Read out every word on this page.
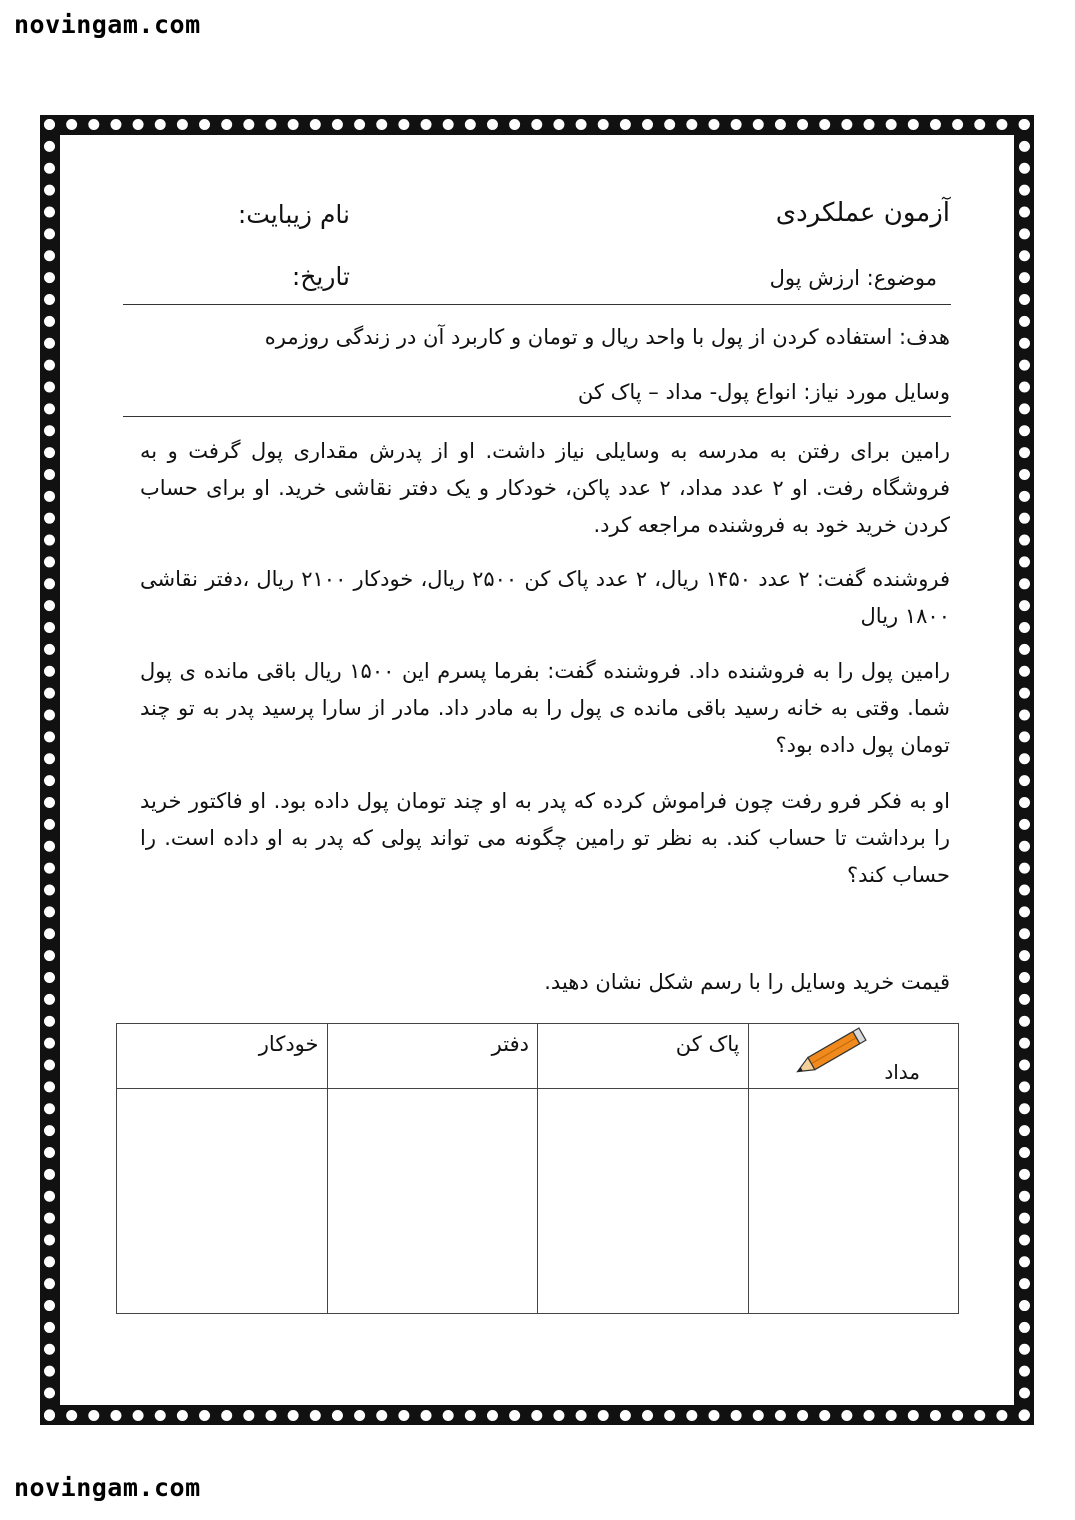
novingam.com
آزمون عملکردی
نام زیبایت:
موضوع: ارزش پول
تاریخ:
هدف: استفاده کردن از پول با واحد ریال و تومان و کاربرد آن در زندگی روزمره
وسایل مورد نیاز: انواع پول- مداد – پاک کن
رامین برای رفتن به مدرسه به وسایلی نیاز داشت. او از پدرش مقداری پول گرفت و به فروشگاه رفت. او ۲ عدد مداد، ۲ عدد پاکن، خودکار و یک دفتر نقاشی خرید. او برای حساب کردن خرید خود به فروشنده مراجعه کرد.
فروشنده گفت: ۲ عدد ۱۴۵۰ ریال، ۲ عدد پاک کن ۲۵۰۰ ریال، خودکار ۲۱۰۰ ریال ،دفتر نقاشی ۱۸۰۰ ریال
رامین پول را به فروشنده داد. فروشنده گفت: بفرما پسرم این ۱۵۰۰ ریال باقی مانده ی پول شما. وقتی به خانه رسید باقی مانده ی پول را به مادر داد. مادر از سارا پرسید پدر به تو چند تومان پول داده بود؟
او به فکر فرو رفت چون فراموش کرده که پدر به او چند تومان پول داده بود. او فاکتور خرید را برداشت تا حساب کند. به نظر تو رامین چگونه می تواند پولی که پدر به او داده است. را حساب کند؟
قیمت خرید وسایل را با رسم شکل نشان دهید.
مداد	پاک کن	دفتر	خودکار

novingam.com
